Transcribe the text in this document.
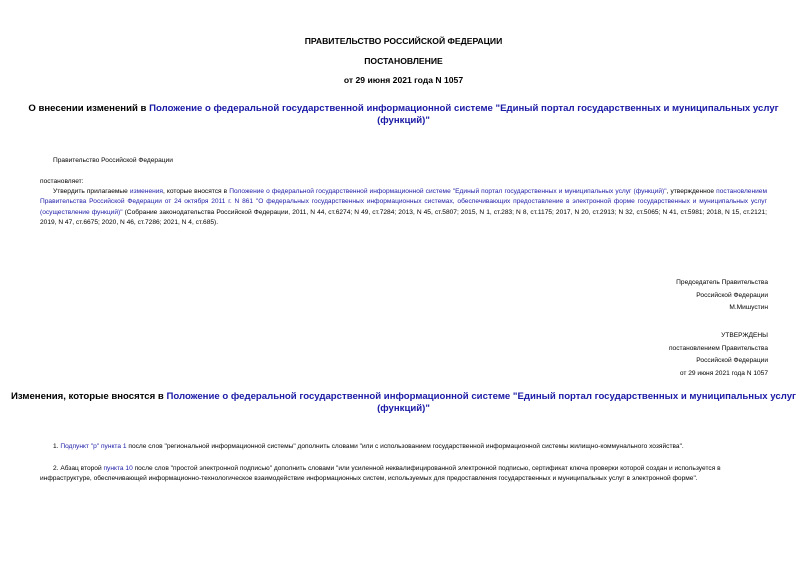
ПРАВИТЕЛЬСТВО РОССИЙСКОЙ ФЕДЕРАЦИИ
ПОСТАНОВЛЕНИЕ
от 29 июня 2021 года N 1057
О внесении изменений в Положение о федеральной государственной информационной системе "Единый портал государственных и муниципальных услуг
(функций)"
Правительство Российской Федерации
постановляет:
Утвердить прилагаемые изменения, которые вносятся в Положение о федеральной государственной информационной системе "Единый портал государственных и муниципальных услуг (функций)", утвержденное постановлением Правительства Российской Федерации от 24 октября 2011 г. N 861 "О федеральных государственных информационных системах, обеспечивающих предоставление в электронной форме государственных и муниципальных услуг (осуществление функций)" (Собрание законодательства Российской Федерации, 2011, N 44, ст.6274; N 49, ст.7284; 2013, N 45, ст.5807; 2015, N 1, ст.283; N 8, ст.1175; 2017, N 20, ст.2913; N 32, ст.5065; N 41, ст.5981; 2018, N 15, ст.2121; 2019, N 47, ст.6675; 2020, N 46, ст.7286; 2021, N 4, ст.685).
Председатель Правительства
Российской Федерации
М.Мишустин
УТВЕРЖДЕНЫ
постановлением Правительства
Российской Федерации
от 29 июня 2021 года N 1057
Изменения, которые вносятся в Положение о федеральной государственной информационной системе "Единый портал государственных и муниципальных услуг
(функций)"
1. Подпункт "р" пункта 1 после слов "региональной информационной системы" дополнить словами "или с использованием государственной информационной системы жилищно-коммунального хозяйства".
2. Абзац второй пункта 10 после слов "простой электронной подписью" дополнить словами "или усиленной неквалифицированной электронной подписью, сертификат ключа проверки которой создан и используется в инфраструктуре, обеспечивающей информационно-технологическое взаимодействие информационных систем, используемых для предоставления государственных и муниципальных услуг в электронной форме".
